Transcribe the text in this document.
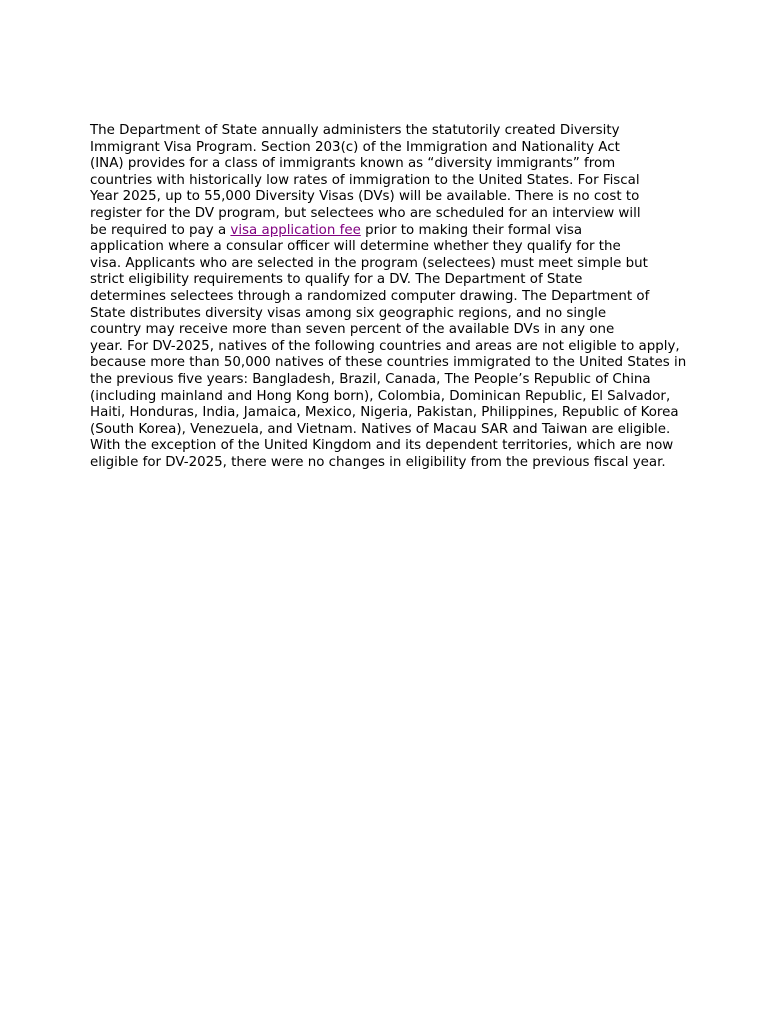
The Department of State annually administers the statutorily created Diversity
Immigrant Visa Program. Section 203(c) of the Immigration and Nationality Act
(INA) provides for a class of immigrants known as “diversity immigrants” from
countries with historically low rates of immigration to the United States. For Fiscal
Year 2025, up to 55,000 Diversity Visas (DVs) will be available. There is no cost to
register for the DV program, but selectees who are scheduled for an interview will
be required to pay a visa application fee prior to making their formal visa
application where a consular officer will determine whether they qualify for the
visa. Applicants who are selected in the program (selectees) must meet simple but
strict eligibility requirements to qualify for a DV. The Department of State
determines selectees through a randomized computer drawing. The Department of
State distributes diversity visas among six geographic regions, and no single
country may receive more than seven percent of the available DVs in any one
year. For DV-2025, natives of the following countries and areas are not eligible to apply,
because more than 50,000 natives of these countries immigrated to the United States in
the previous five years: Bangladesh, Brazil, Canada, The People’s Republic of China
(including mainland and Hong Kong born), Colombia, Dominican Republic, El Salvador,
Haiti, Honduras, India, Jamaica, Mexico, Nigeria, Pakistan, Philippines, Republic of Korea
(South Korea), Venezuela, and Vietnam. Natives of Macau SAR and Taiwan are eligible.
With the exception of the United Kingdom and its dependent territories, which are now
eligible for DV-2025, there were no changes in eligibility from the previous fiscal year.
